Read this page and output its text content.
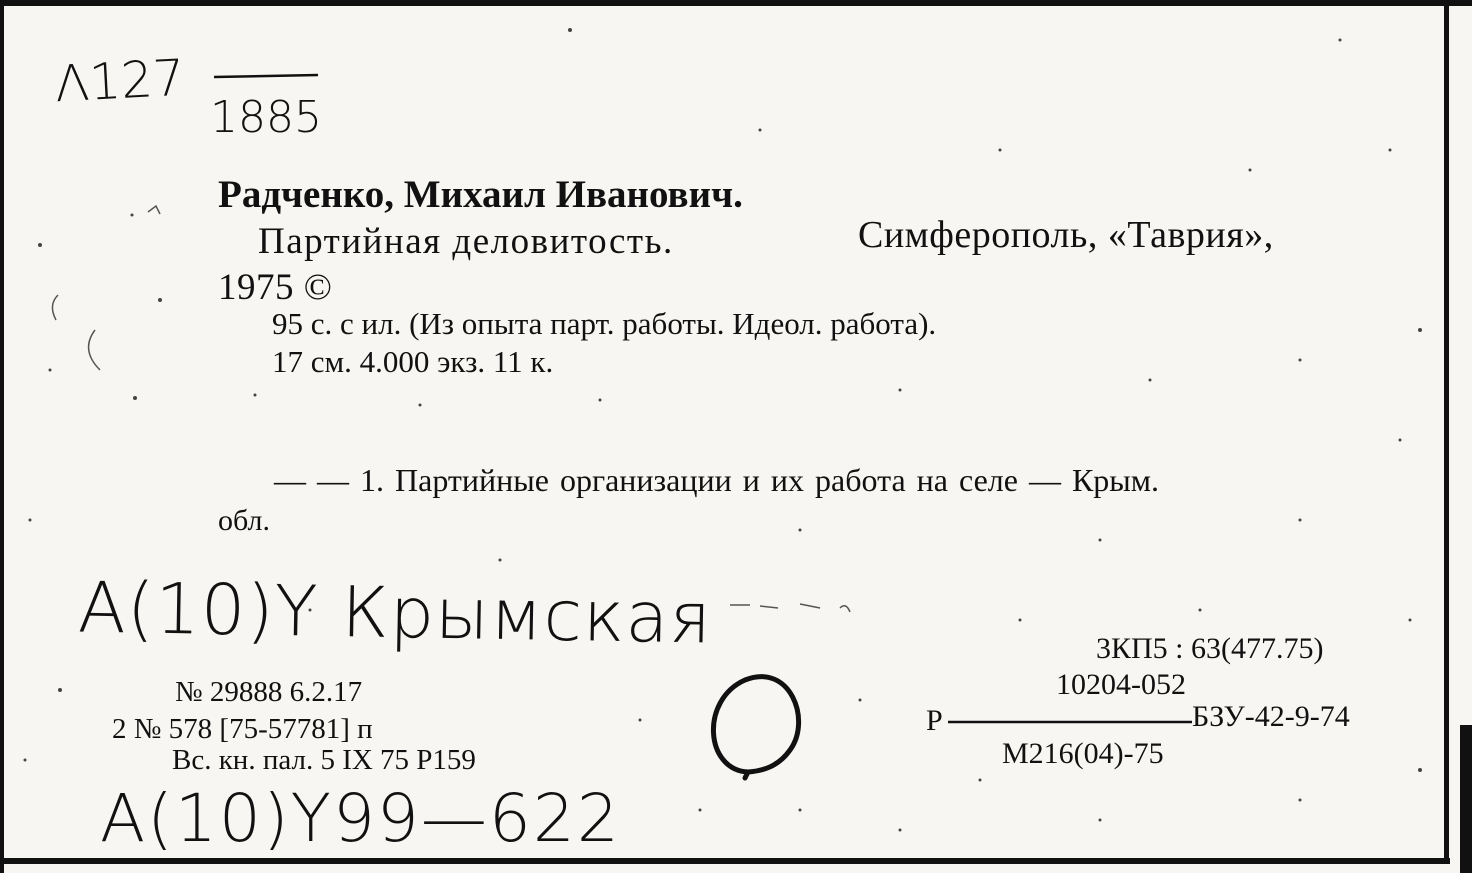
Λ127
1885
Радченко, Михаил Иванович.
Партийная деловитость.	Симферополь, «Таврия»,
1975 ©
95 с. с ил. (Из опыта парт. работы. Идеол. работа).
17 см. 4.000 экз. 11 к.
— — 1. Партийные организации и их работа на селе — Крым.
обл.
А(10)Ү Крымская
№ 29888 6.2.17
2 № 578 [75-57781] п
Вс. кн. пал. 5 IX 75 Р159
А(10)Ү99—622
3КП5 : 63(477.75)
10204-052
Р	БЗУ-42-9-74
М216(04)-75
